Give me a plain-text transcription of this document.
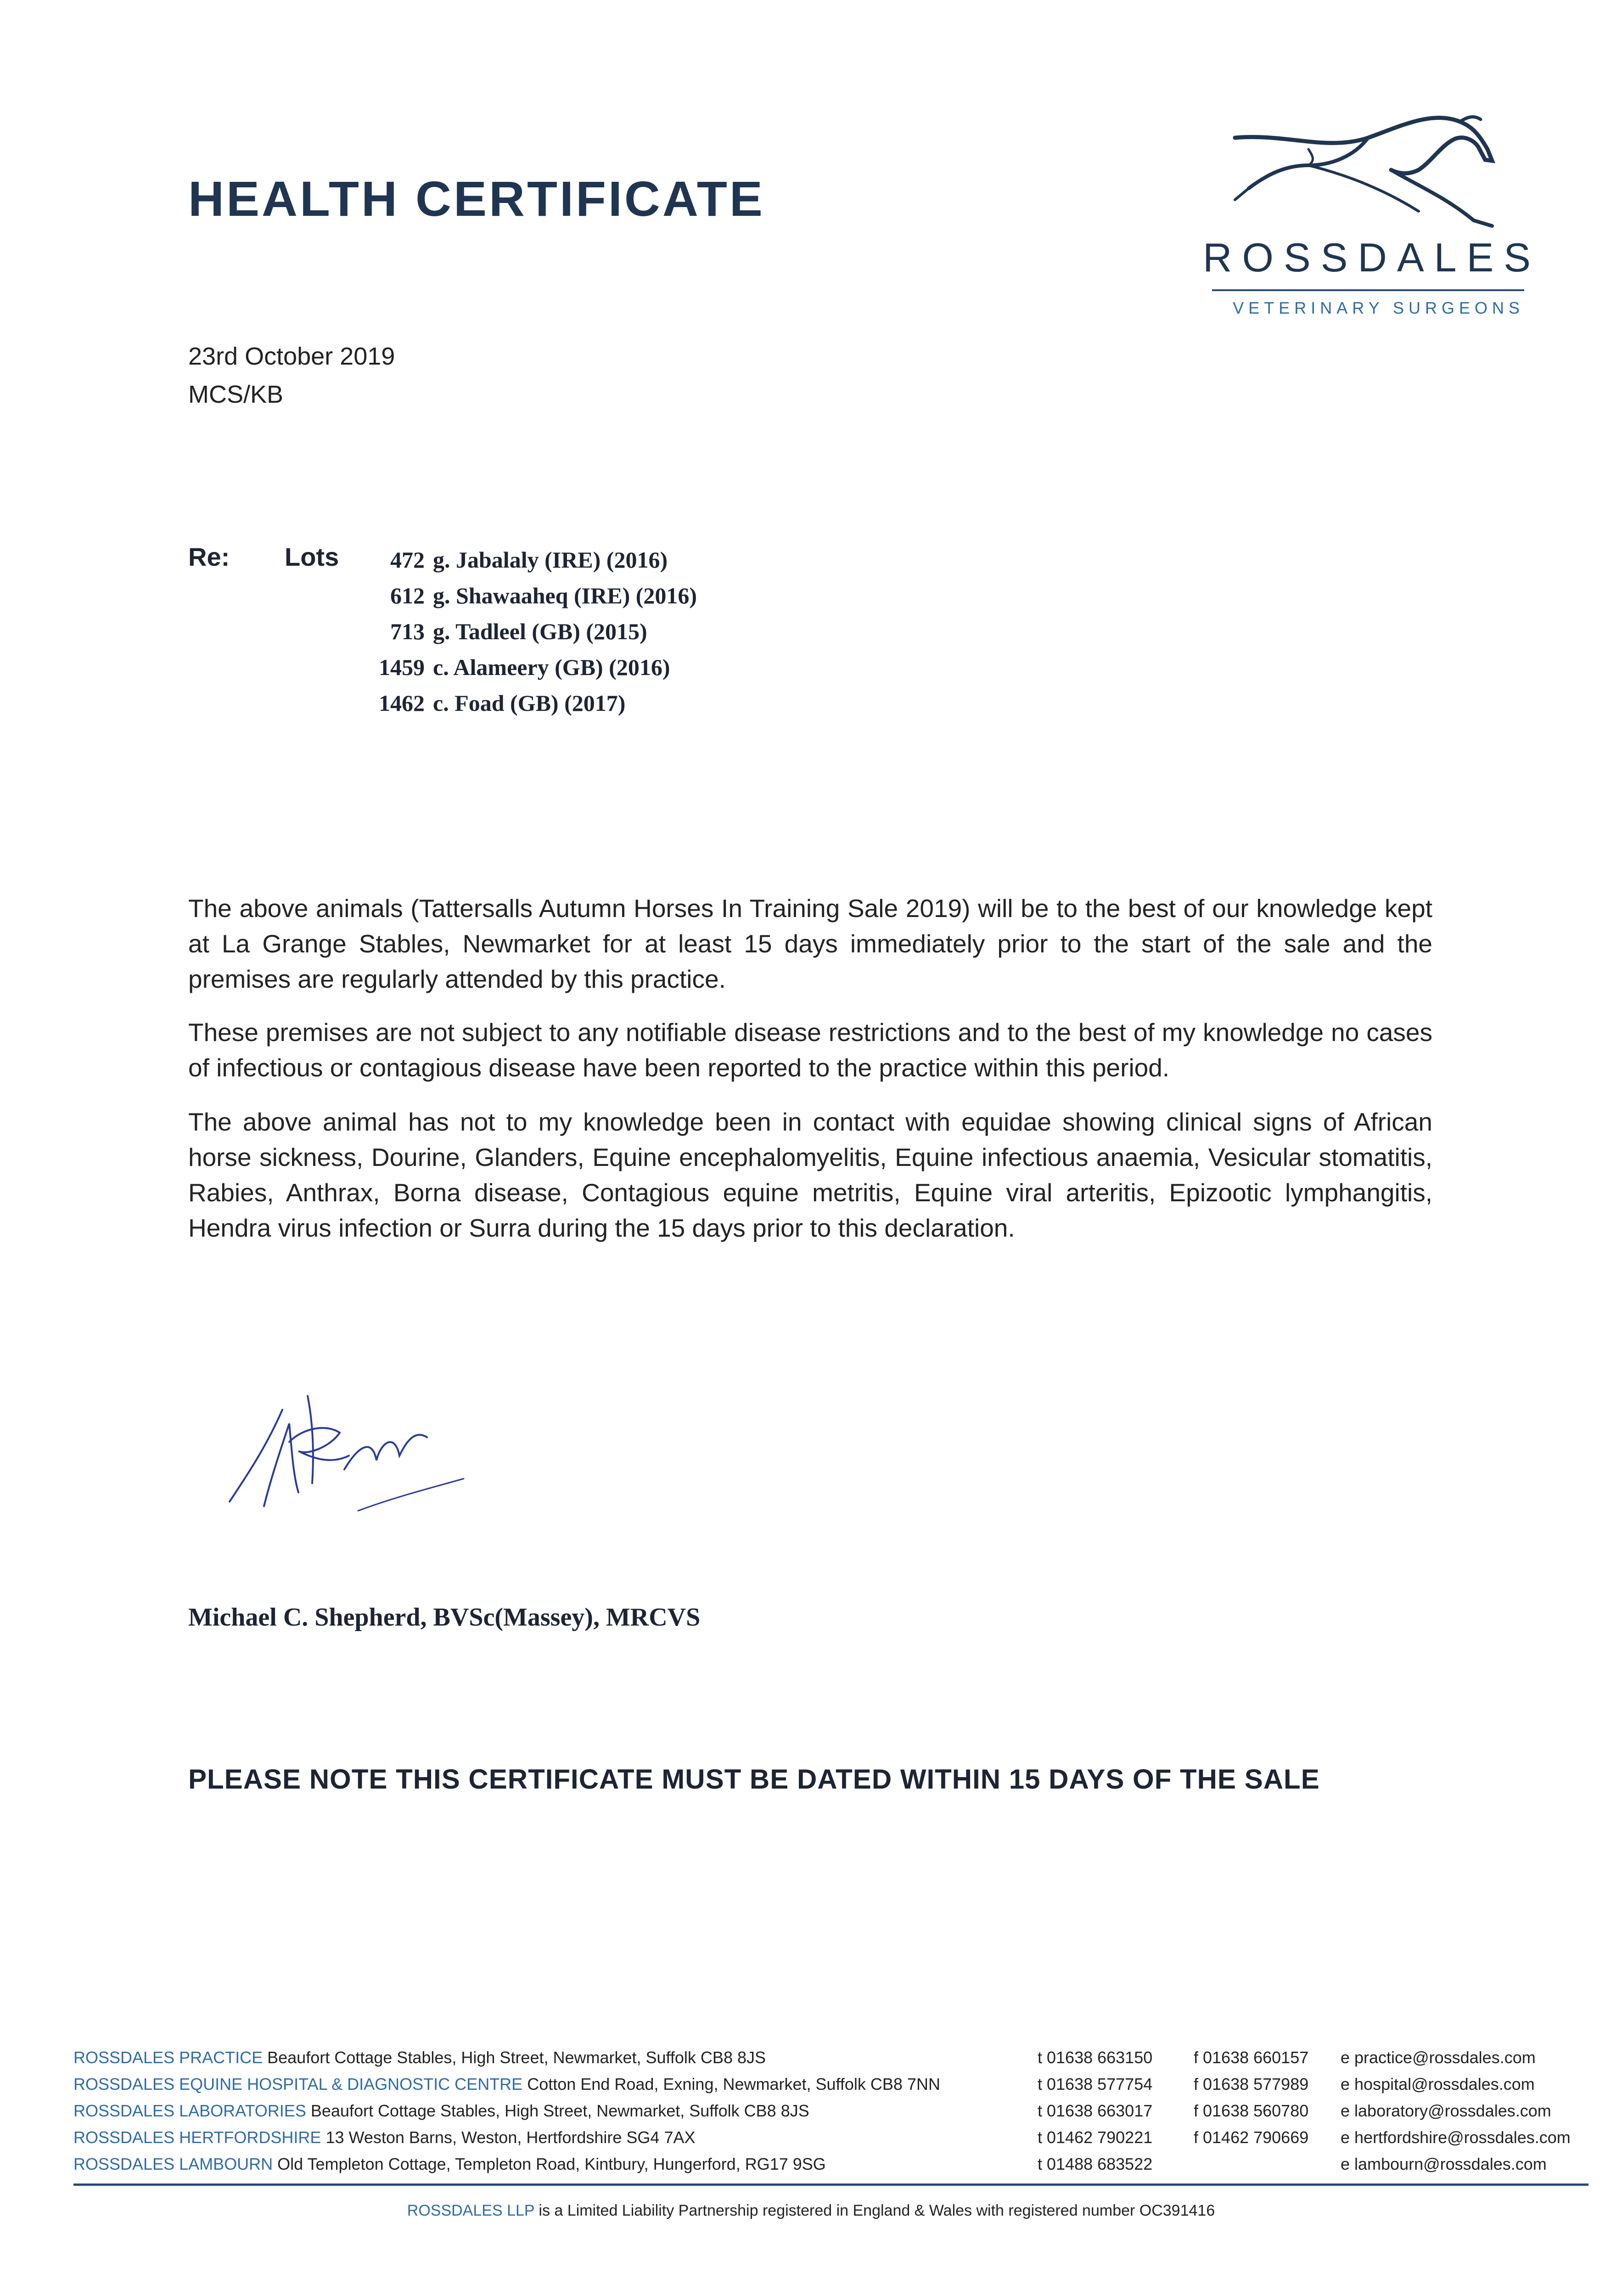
HEALTH CERTIFICATE
ROSSDALES
VETERINARY SURGEONS
23rd October 2019
MCS/KB
Re: Lots	472 g. Jabalaly (IRE) (2016)
612 g. Shawaaheq (IRE) (2016)
713 g. Tadleel (GB) (2015)
1459 c. Alameery (GB) (2016)
1462 c. Foad (GB) (2017)
The above animals (Tattersalls Autumn Horses In Training Sale 2019) will be to the best of our knowledge kept at La Grange Stables, Newmarket for at least 15 days immediately prior to the start of the sale and the premises are regularly attended by this practice.
These premises are not subject to any notifiable disease restrictions and to the best of my knowledge no cases of infectious or contagious disease have been reported to the practice within this period.
The above animal has not to my knowledge been in contact with equidae showing clinical signs of African horse sickness, Dourine, Glanders, Equine encephalomyelitis, Equine infectious anaemia, Vesicular stomatitis, Rabies, Anthrax, Borna disease, Contagious equine metritis, Equine viral arteritis, Epizootic lymphangitis, Hendra virus infection or Surra during the 15 days prior to this declaration.
Michael C. Shepherd, BVSc(Massey), MRCVS
PLEASE NOTE THIS CERTIFICATE MUST BE DATED WITHIN 15 DAYS OF THE SALE
ROSSDALES PRACTICE Beaufort Cottage Stables, High Street, Newmarket, Suffolk CB8 8JS	t 01638 663150 f 01638 660157 e practice@rossdales.com
ROSSDALES EQUINE HOSPITAL & DIAGNOSTIC CENTRE Cotton End Road, Exning, Newmarket, Suffolk CB8 7NN	t 01638 577754 f 01638 577989 e hospital@rossdales.com
ROSSDALES LABORATORIES Beaufort Cottage Stables, High Street, Newmarket, Suffolk CB8 8JS	t 01638 663017 f 01638 560780 e laboratory@rossdales.com
ROSSDALES HERTFORDSHIRE 13 Weston Barns, Weston, Hertfordshire SG4 7AX	t 01462 790221 f 01462 790669 e hertfordshire@rossdales.com
ROSSDALES LAMBOURN Old Templeton Cottage, Templeton Road, Kintbury, Hungerford, RG17 9SG	t 01488 683522	e lambourn@rossdales.com
ROSSDALES LLP is a Limited Liability Partnership registered in England & Wales with registered number OC391416
